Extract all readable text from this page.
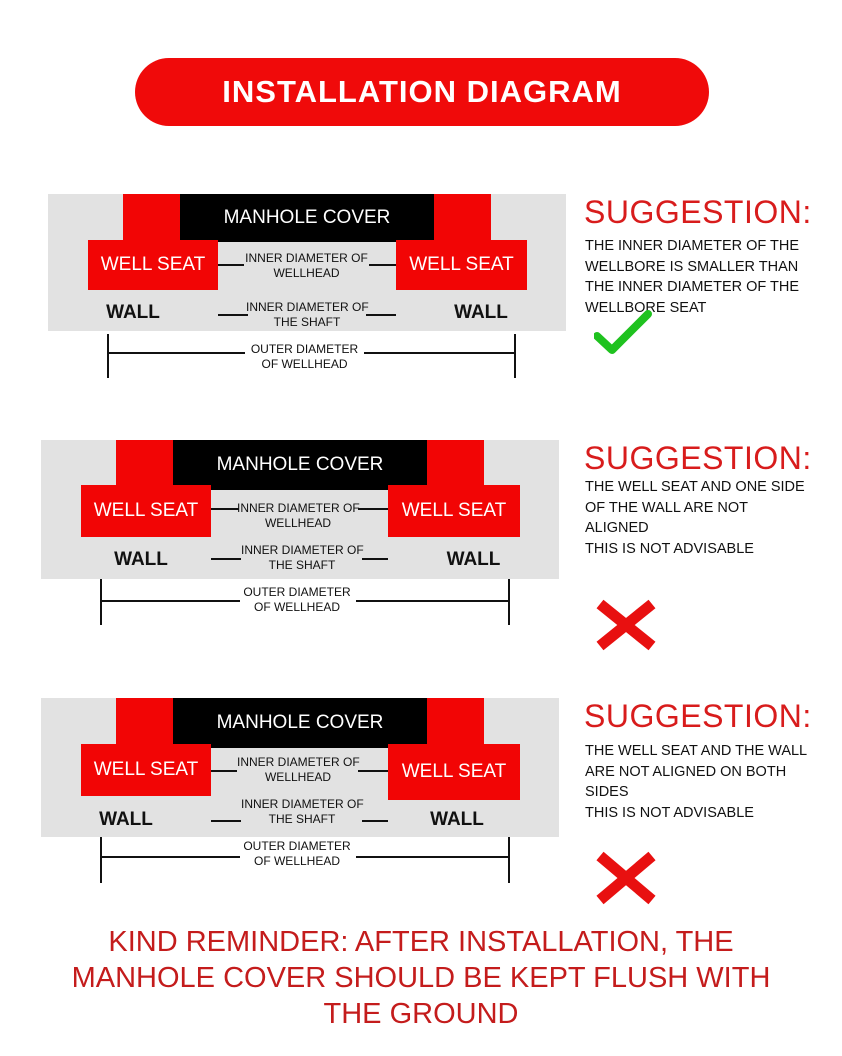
INSTALLATION DIAGRAM
MANHOLE COVER
WELL SEAT	WELL SEAT
WALL	WALL
INNER DIAMETER OF
WELLHEAD
INNER DIAMETER OF
THE SHAFT
OUTER DIAMETER
OF WELLHEAD
SUGGESTION:
THE INNER DIAMETER OF THE
WELLBORE IS SMALLER THAN
THE INNER DIAMETER OF THE
WELLBORE SEAT
MANHOLE COVER
WELL SEAT	WELL SEAT
WALL	WALL
INNER DIAMETER OF
WELLHEAD
INNER DIAMETER OF
THE SHAFT
OUTER DIAMETER
OF WELLHEAD
SUGGESTION:
THE WELL SEAT AND ONE SIDE
OF THE WALL ARE NOT
ALIGNED
THIS IS NOT ADVISABLE
MANHOLE COVER
WELL SEAT	WELL SEAT
WALL	WALL
INNER DIAMETER OF
WELLHEAD
INNER DIAMETER OF
THE SHAFT
OUTER DIAMETER
OF WELLHEAD
SUGGESTION:
THE WELL SEAT AND THE WALL
ARE NOT ALIGNED ON BOTH
SIDES
THIS IS NOT ADVISABLE
KIND REMINDER: AFTER INSTALLATION, THE
MANHOLE COVER SHOULD BE KEPT FLUSH WITH
THE GROUND
